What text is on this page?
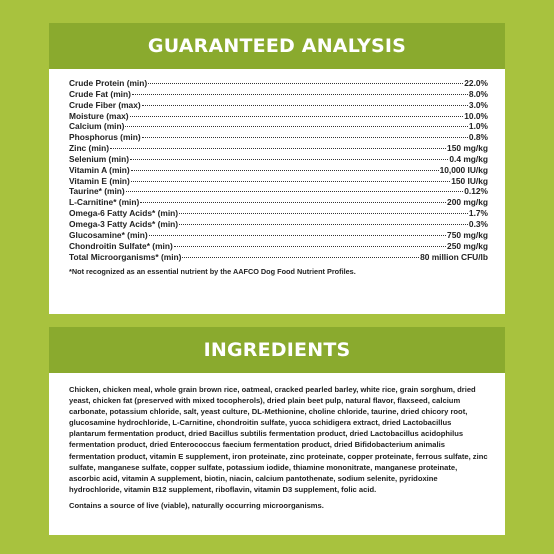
GUARANTEED ANALYSIS
Crude Protein (min)	22.0%
Crude Fat (min)	8.0%
Crude Fiber (max)	3.0%
Moisture (max)	10.0%
Calcium (min)	1.0%
Phosphorus (min)	0.8%
Zinc (min)	150 mg/kg
Selenium (min)	0.4 mg/kg
Vitamin A (min)	10,000 IU/kg
Vitamin E (min)	150 IU/kg
Taurine* (min)	0.12%
L-Carnitine* (min)	200 mg/kg
Omega-6 Fatty Acids* (min)	1.7%
Omega-3 Fatty Acids* (min)	0.3%
Glucosamine* (min)	750 mg/kg
Chondroitin Sulfate* (min)	250 mg/kg
Total Microorganisms* (min)	80 million CFU/lb
*Not recognized as an essential nutrient by the AAFCO Dog Food Nutrient Profiles.
INGREDIENTS

Chicken, chicken meal, whole grain brown rice, oatmeal, cracked pearled barley, white rice, grain sorghum, dried yeast, chicken fat (preserved with mixed tocopherols), dried plain beet pulp, natural flavor, flaxseed, calcium carbonate, potassium chloride, salt, yeast culture, DL-Methionine, choline chloride, taurine, dried chicory root, glucosamine hydrochloride, L-Carnitine, chondroitin sulfate, yucca schidigera extract, dried Lactobacillus plantarum fermentation product, dried Bacillus subtilis fermentation product, dried Lactobacillus acidophilus fermentation product, dried Enterococcus faecium fermentation product, dried Bifidobacterium animalis fermentation product, vitamin E supplement, iron proteinate, zinc proteinate, copper proteinate, ferrous sulfate, zinc sulfate, manganese sulfate, copper sulfate, potassium iodide, thiamine mononitrate, manganese proteinate, ascorbic acid, vitamin A supplement, biotin, niacin, calcium pantothenate, sodium selenite, pyridoxine hydrochloride, vitamin B12 supplement, riboflavin, vitamin D3 supplement, folic acid.

Contains a source of live (viable), naturally occurring microorganisms.
